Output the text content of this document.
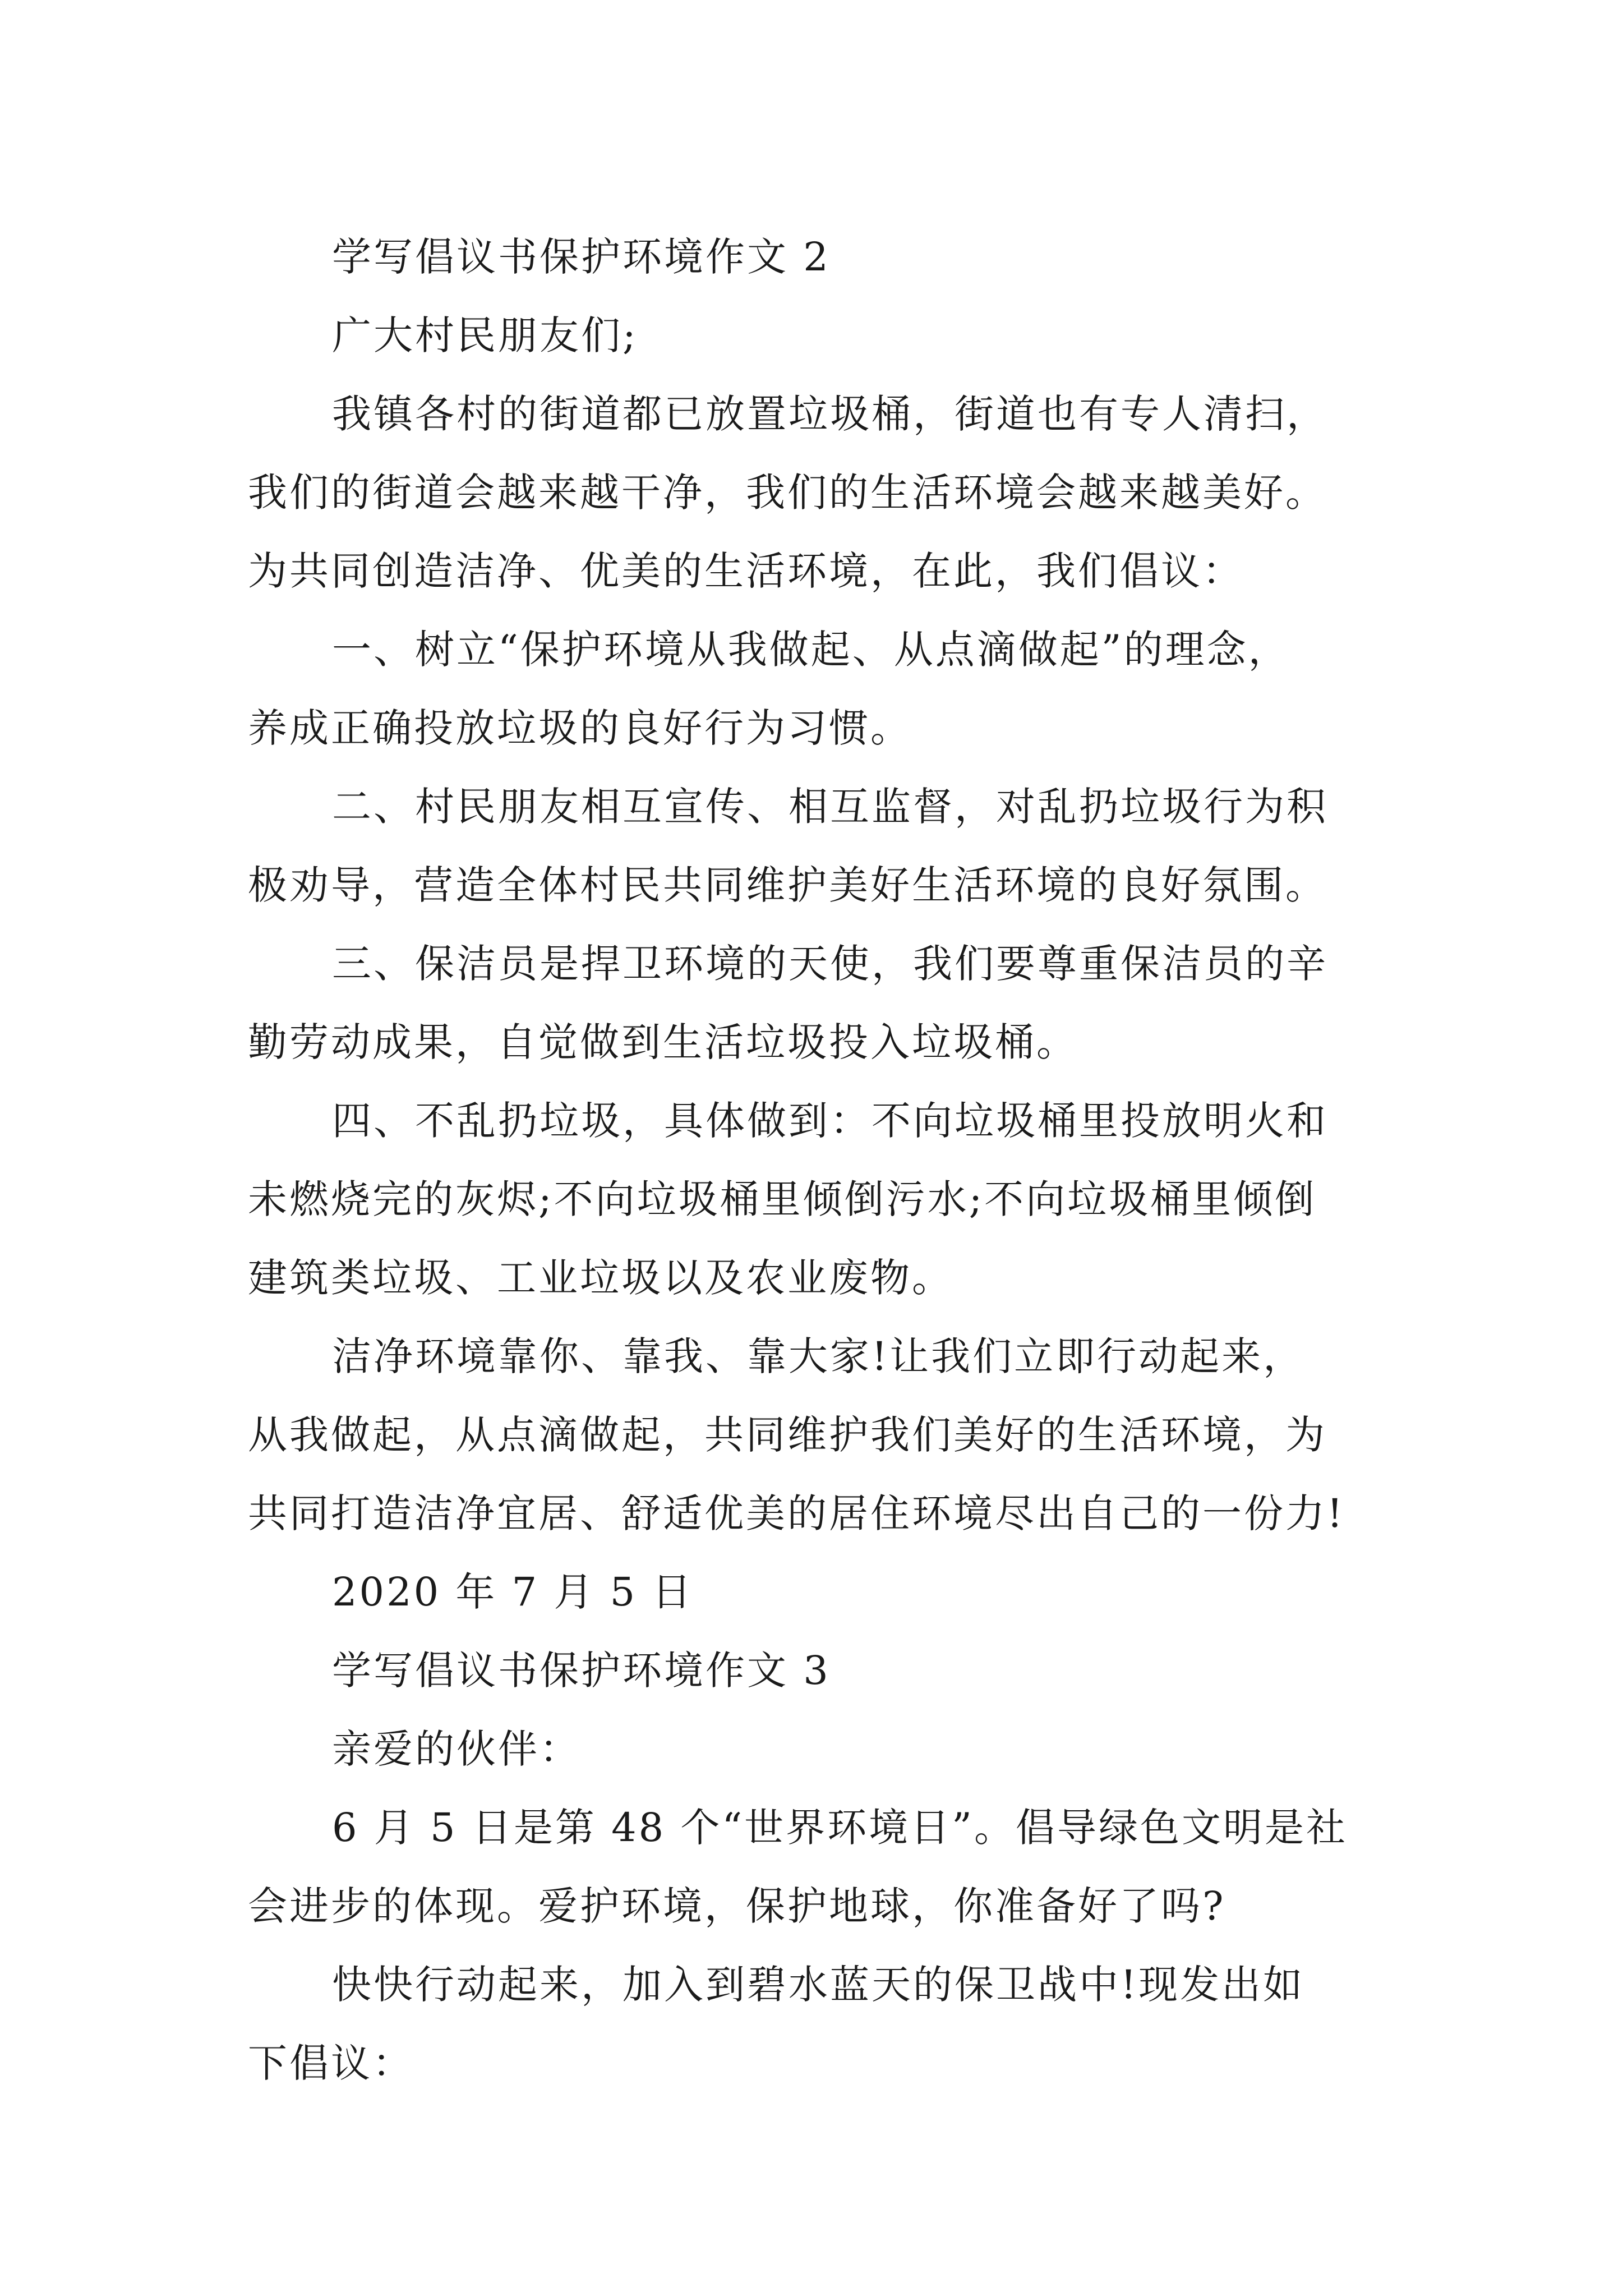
学写倡议书保护环境作文 2
广大村民朋友们;
我镇各村的街道都已放置垃圾桶，街道也有专人清扫，
我们的街道会越来越干净，我们的生活环境会越来越美好。
为共同创造洁净、优美的生活环境，在此，我们倡议：
一、树立“保护环境从我做起、从点滴做起”的理念，
养成正确投放垃圾的良好行为习惯。
二、村民朋友相互宣传、相互监督，对乱扔垃圾行为积
极劝导，营造全体村民共同维护美好生活环境的良好氛围。
三、保洁员是捍卫环境的天使，我们要尊重保洁员的辛
勤劳动成果，自觉做到生活垃圾投入垃圾桶。
四、不乱扔垃圾，具体做到：不向垃圾桶里投放明火和
未燃烧完的灰烬;不向垃圾桶里倾倒污水;不向垃圾桶里倾倒
建筑类垃圾、工业垃圾以及农业废物。
洁净环境靠你、靠我、靠大家!让我们立即行动起来，
从我做起，从点滴做起，共同维护我们美好的生活环境，为
共同打造洁净宜居、舒适优美的居住环境尽出自己的一份力!
2020 年 7 月 5 日
学写倡议书保护环境作文 3
亲爱的伙伴：
6 月 5 日是第 48 个“世界环境日”。倡导绿色文明是社
会进步的体现。爱护环境，保护地球，你准备好了吗?
快快行动起来，加入到碧水蓝天的保卫战中!现发出如
下倡议：
